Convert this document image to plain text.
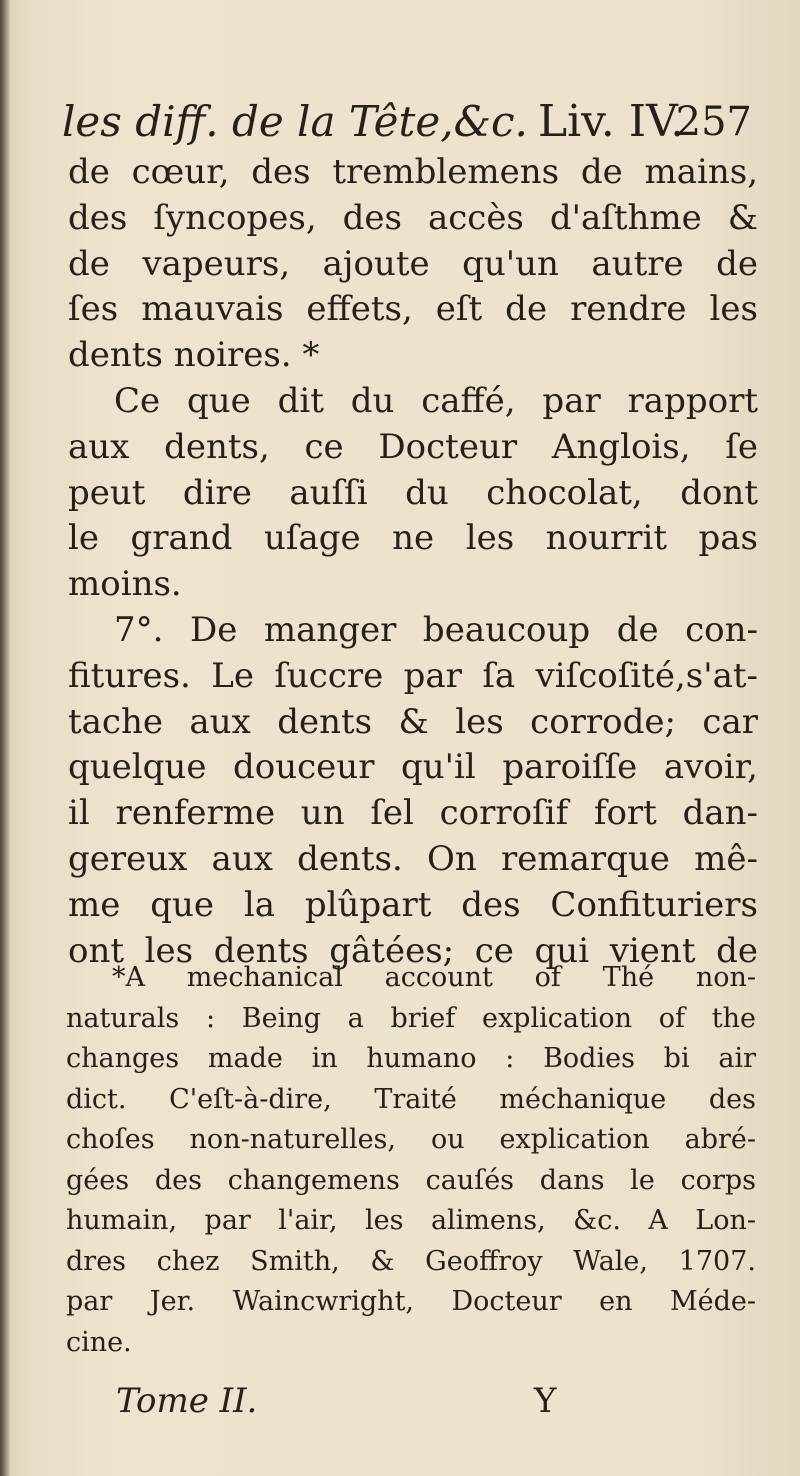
les diff. de la Tête,&c. Liv. IV.
257
de cœur, des tremblemens de mains,
des ſyncopes, des accès d'aſthme &
de vapeurs, ajoute qu'un autre de
ſes mauvais effets, eſt de rendre les
dents noires. *
Ce que dit du caffé, par rapport
aux dents, ce Docteur Anglois, ſe
peut dire auſſi du chocolat, dont
le grand uſage ne les nourrit pas
moins.
7°. De manger beaucoup de con-
fitures. Le ſuccre par ſa viſcoſité,s'at-
tache aux dents & les corrode; car
quelque douceur qu'il paroiſſe avoir,
il renferme un ſel corroſif fort dan-
gereux aux dents. On remarque mê-
me que la plûpart des Confituriers
ont les dents gâtées; ce qui vient de
*A mechanical account of Thé non-
naturals : Being a brief explication of the
changes made in humano : Bodies bi air
dict. C'eſt-à-dire, Traité méchanique des
choſes non-naturelles, ou explication abré-
gées des changemens cauſés dans le corps
humain, par l'air, les alimens, &c. A Lon-
dres chez Smith, & Geoffroy Wale, 1707.
par Jer. Waincwright, Docteur en Méde-
cine.
Tome II.	Y
